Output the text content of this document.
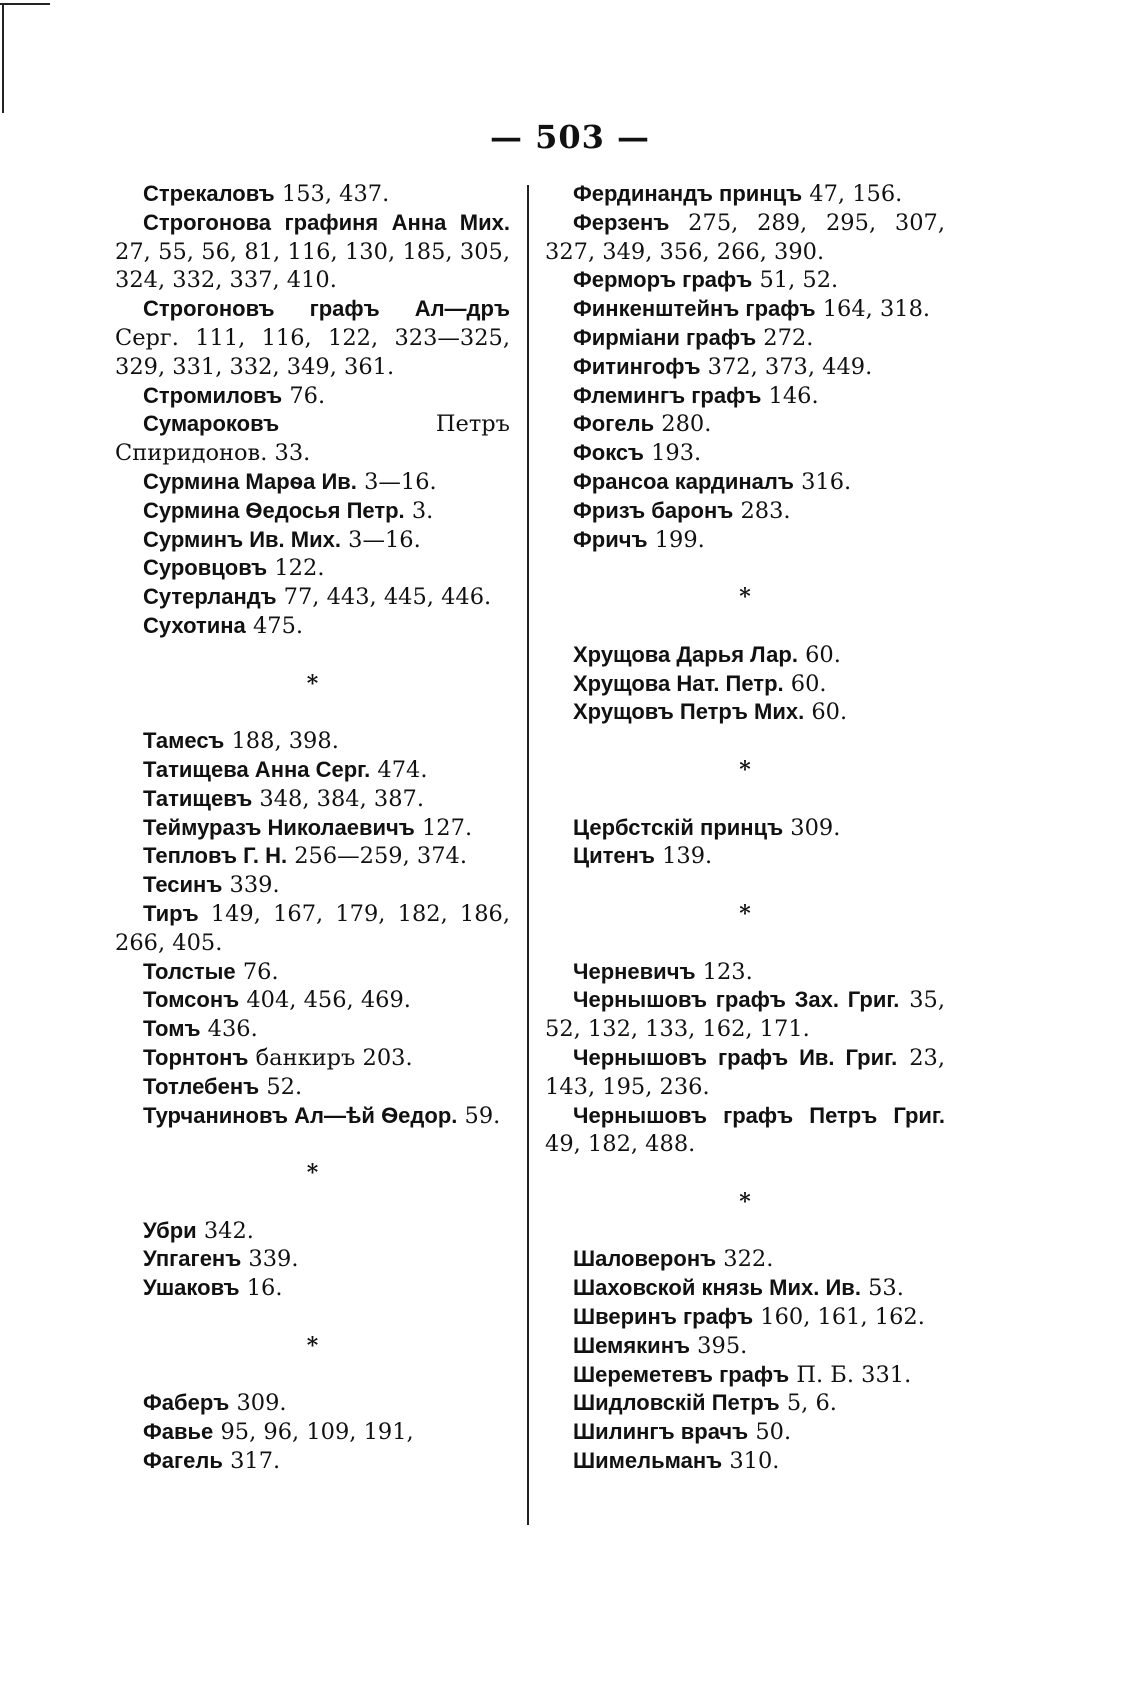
— 503 —
Стрекаловъ 153, 437.
Строгонова графиня Анна Мих. 27, 55, 56, 81, 116, 130, 185, 305, 324, 332, 337, 410.
Строгоновъ графъ Ал—дръ Серг. 111, 116, 122, 323—325, 329, 331, 332, 349, 361.
Стромиловъ 76.
Сумароковъ Петръ Спиридонов. 33.
Сурмина Марѳа Ив. 3—16.
Сурмина Ѳедосья Петр. 3.
Сурминъ Ив. Мих. 3—16.
Суровцовъ 122.
Сутерландъ 77, 443, 445, 446.
Сухотина 475.
*
Тамесъ 188, 398.
Татищева Анна Серг. 474.
Татищевъ 348, 384, 387.
Теймуразъ Николаевичъ 127.
Тепловъ Г. Н. 256—259, 374.
Тесинъ 339.
Тиръ 149, 167, 179, 182, 186, 266, 405.
Толстые 76.
Томсонъ 404, 456, 469.
Томъ 436.
Торнтонъ банкиръ 203.
Тотлебенъ 52.
Турчаниновъ Ал—ѣй Ѳедор. 59.
*
Убри 342.
Упгагенъ 339.
Ушаковъ 16.
*
Фаберъ 309.
Фавье 95, 96, 109, 191,
Фагель 317.
Фердинандъ принцъ 47, 156.
Ферзенъ 275, 289, 295, 307, 327, 349, 356, 266, 390.
Ферморъ графъ 51, 52.
Финкенштейнъ графъ 164, 318.
Фирміани графъ 272.
Фитингофъ 372, 373, 449.
Флемингъ графъ 146.
Фогель 280.
Фоксъ 193.
Франсоа кардиналъ 316.
Фризъ баронъ 283.
Фричъ 199.
*
Хрущова Дарья Лар. 60.
Хрущова Нат. Петр. 60.
Хрущовъ Петръ Мих. 60.
*
Цербстскій принцъ 309.
Цитенъ 139.
*
Черневичъ 123.
Чернышовъ графъ Зах. Григ. 35, 52, 132, 133, 162, 171.
Чернышовъ графъ Ив. Григ. 23, 143, 195, 236.
Чернышовъ графъ Петръ Григ. 49, 182, 488.
*
Шаловеронъ 322.
Шаховской князь Мих. Ив. 53.
Шверинъ графъ 160, 161, 162.
Шемякинъ 395.
Шереметевъ графъ П. Б. 331.
Шидловскій Петръ 5, 6.
Шилингъ врачъ 50.
Шимельманъ 310.
